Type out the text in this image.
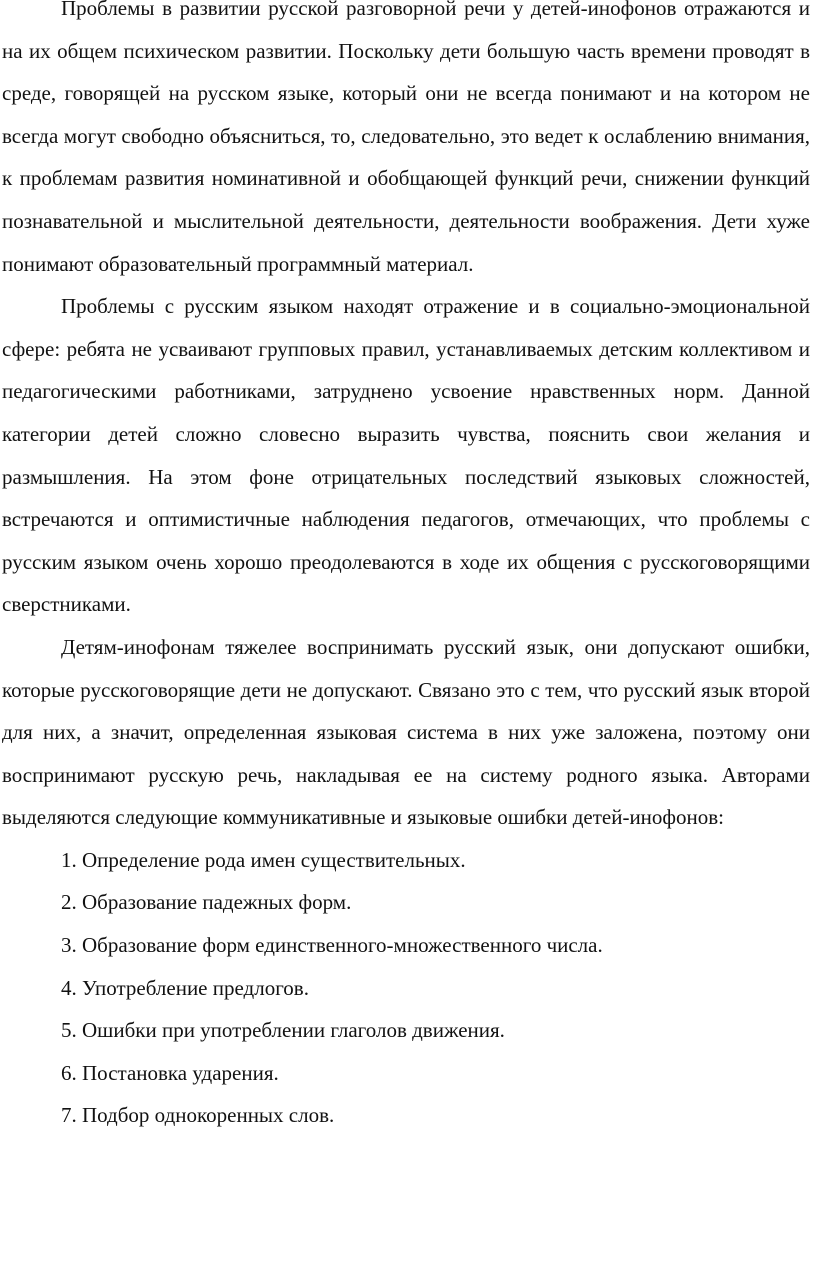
Проблемы в развитии русской разговорной речи у детей-инофонов отражаются и на их общем психическом развитии. Поскольку дети большую часть времени проводят в среде, говорящей на русском языке, который они не всегда понимают и на котором не всегда могут свободно объясниться, то, следовательно, это ведет к ослаблению внимания, к проблемам развития номинативной и обобщающей функций речи, снижении функций познавательной и мыслительной деятельности, деятельности воображения. Дети хуже понимают образовательный программный материал.

Проблемы с русским языком находят отражение и в социально-эмоциональной сфере: ребята не усваивают групповых правил, устанавливаемых детским коллективом и педагогическими работниками, затруднено усвоение нравственных норм. Данной категории детей сложно словесно выразить чувства, пояснить свои желания и размышления. На этом фоне отрицательных последствий языковых сложностей, встречаются и оптимистичные наблюдения педагогов, отмечающих, что проблемы с русским языком очень хорошо преодолеваются в ходе их общения с русскоговорящими сверстниками.

Детям-инофонам тяжелее воспринимать русский язык, они допускают ошибки, которые русскоговорящие дети не допускают. Связано это с тем, что русский язык второй для них, а значит, определенная языковая система в них уже заложена, поэтому они воспринимают русскую речь, накладывая ее на систему родного языка. Авторами выделяются следующие коммуникативные и языковые ошибки детей-инофонов:

1. Определение рода имен существительных.
2. Образование падежных форм.
3. Образование форм единственного-множественного числа.
4. Употребление предлогов.
5. Ошибки при употреблении глаголов движения.
6. Постановка ударения.
7. Подбор однокоренных слов.
